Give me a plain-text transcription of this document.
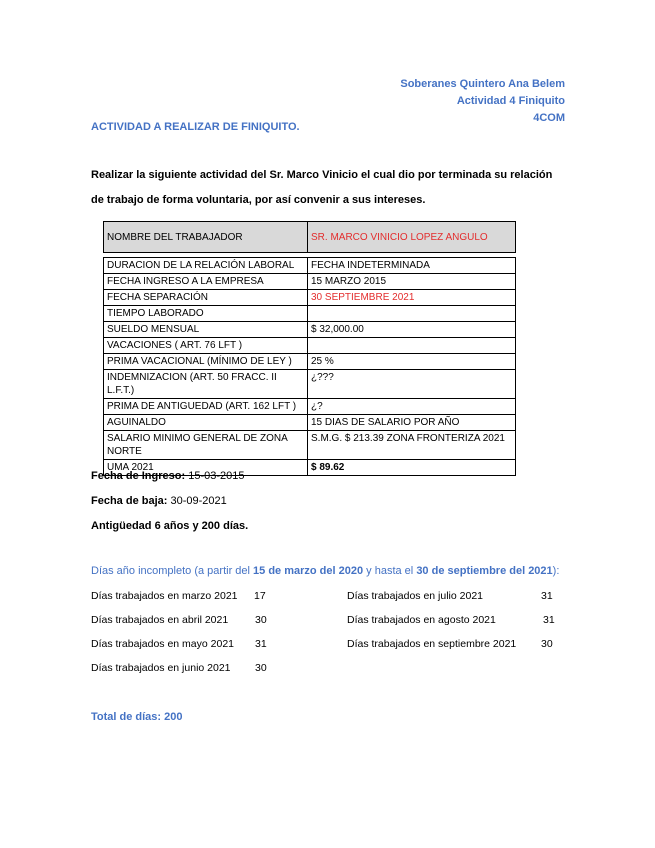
Soberanes Quintero Ana Belem
Actividad 4 Finiquito
4COM
ACTIVIDAD A REALIZAR DE FINIQUITO.
Realizar la siguiente actividad del Sr. Marco Vinicio el cual dio por terminada su relación
de trabajo de forma voluntaria, por así convenir a sus intereses.
NOMBRE DEL TRABAJADOR	SR. MARCO VINICIO LOPEZ ANGULO

DURACION DE LA RELACIÓN LABORAL	FECHA INDETERMINADA
FECHA INGRESO A LA EMPRESA	15 MARZO 2015
FECHA SEPARACIÓN	30 SEPTIEMBRE 2021
TIEMPO LABORADO	
SUELDO MENSUAL	$ 32,000.00
VACACIONES ( ART. 76 LFT )	
PRIMA VACACIONAL (MÍNIMO DE LEY )	25 %
INDEMNIZACION (ART. 50 FRACC. II L.F.T.)	¿???
PRIMA DE ANTIGUEDAD (ART. 162 LFT )	¿?
AGUINALDO	15 DIAS DE SALARIO POR AÑO
SALARIO MINIMO GENERAL DE ZONA NORTE	S.M.G. $ 213.39 ZONA FRONTERIZA 2021
UMA 2021	$ 89.62
Fecha de Ingreso: 15-03-2015
Fecha de baja: 30-09-2021
Antigüedad 6 años y 200 días.
Días año incompleto (a partir del 15 de marzo del 2020 y hasta el 30 de septiembre del 2021):
Días trabajados en marzo 2021 17
Días trabajados en abril 2021	30
Días trabajados en mayo 2021 31
Días trabajados en junio 2021 30
Días trabajados en julio 2021	31
Días trabajados en agosto 2021	31
Días trabajados en septiembre 2021 30
Total de días: 200
